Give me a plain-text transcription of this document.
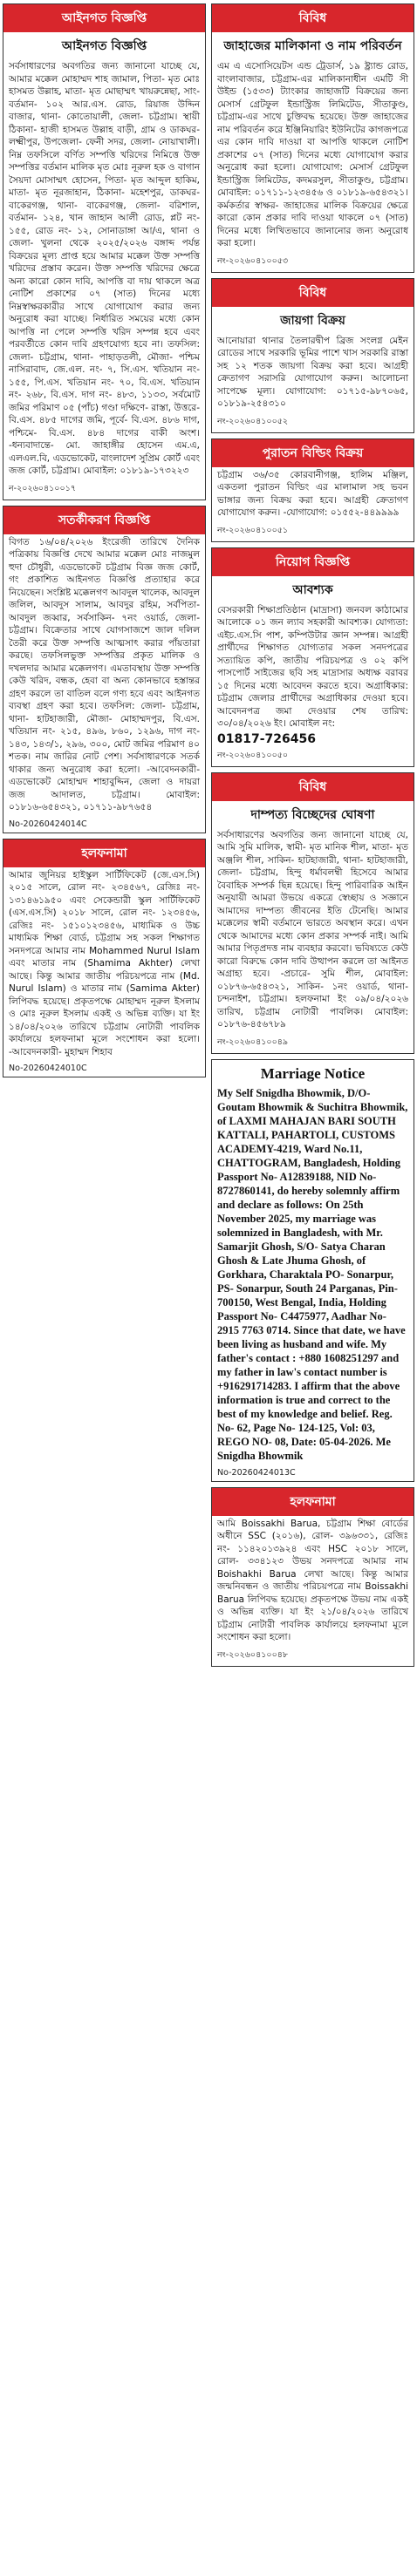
আইনগত বিজ্ঞপ্তি
আইনগত বিজ্ঞপ্তি
সর্বসাধারণের অবগতির জন্য জানানো যাচ্ছে যে, আমার মক্কেল মোহাম্মদ শাহ জামাল, পিতা- মৃত মোঃ হাসমত উল্লাহ, মাতা- মৃত মোছাম্মৎ খায়রুন্নেছা, সাং- বর্তমান- ১০২ আর.এস. রোড, রিয়াজ উদ্দিন বাজার, থানা- কোতোয়ালী, জেলা- চট্টগ্রাম। স্থায়ী ঠিকানা- হাজী হাসমত উল্লাহ বাড়ী, গ্রাম ও ডাকঘর- লক্ষ্মীপুর, উপজেলা- ফেনী সদর, জেলা- নোয়াখালী। নিম্ন তফসিলে বর্ণিত সম্পত্তি খরিদের নিমিত্তে উক্ত সম্পত্তির বর্তমান মালিক মৃত মোঃ নূরুল হক ও বাগান সৈয়দা মোসাম্মৎ হোসেন, পিতা- মৃত আব্দুল হাকিম, মাতা- মৃত নূরজাহান, ঠিকানা- মহেশপুর, ডাকঘর- বাকেরগঞ্জ, থানা- বাকেরগঞ্জ, জেলা- বরিশাল, বর্তমান- ১২৪, খান জাহান আলী রোড, প্লট নং- ১৫৫, রোড নং- ১২, সোনাডাঙ্গা আ/এ, থানা ও জেলা- খুলনা থেকে ২০২৫/২০২৬ বঙ্গাব্দ পর্যন্ত বিক্রয়ের মূল্য প্রাপ্ত হয়ে আমার মক্কেল উক্ত সম্পত্তি খরিদের প্রস্তাব করেন। উক্ত সম্পত্তি খরিদের ক্ষেত্রে অন্য কারো কোন দাবি, আপত্তি বা দায় থাকলে অত্র নোটিশ প্রকাশের ০৭ (সাত) দিনের মধ্যে নিম্নস্বাক্ষরকারীর সাথে যোগাযোগ করার জন্য অনুরোধ করা যাচ্ছে। নির্ধারিত সময়ের মধ্যে কোন আপত্তি না পেলে সম্পত্তি খরিদ সম্পন্ন হবে এবং পরবর্তীতে কোন দাবি গ্রহণযোগ্য হবে না। তফসিল: জেলা- চট্টগ্রাম, থানা- পাহাড়তলী, মৌজা- পশ্চিম নাসিরাবাদ, জে.এল. নং- ৭, সি.এস. খতিয়ান নং- ১৫৫, পি.এস. খতিয়ান নং- ৭০, বি.এস. খতিয়ান নং- ২৬৮, বি.এস. দাগ নং- ৪৮৩, ১১৩৩, সর্বমোট জমির পরিমাণ ০৫ (পাঁচ) গণ্ডা দক্ষিণে- রাস্তা, উত্তরে- বি.এস. ৪৮৫ দাগের জমি, পূর্বে- বি.এস. ৪৮৬ দাগ, পশ্চিমে- বি.এস. ৪৮৪ দাগের বাকী অংশ। -ধন্যবাদান্তে- মো. জাহাঙ্গীর হোসেন এম.এ, এলএল.বি, এডভোকেট, বাংলাদেশ সুপ্রিম কোর্ট এবং জজ কোর্ট, চট্টগ্রাম। মোবাইল: ০১৮১৯-১৭৩২২৩
ন-২০২৬০৪১০০১৭
সতর্কীকরণ বিজ্ঞপ্তি
বিগত ১৬/০৪/২০২৬ ইংরেজী তারিখে দৈনিক পত্রিকায় বিজ্ঞপ্তি দেখে আমার মক্কেল মোঃ নাজমুল হুদা চৌধুরী, এডভোকেট চট্টগ্রাম বিজ্ঞ জজ কোর্ট, গং প্রকাশিত আইনগত বিজ্ঞপ্তি প্রত্যাহার করে নিয়েছেন। সংশ্লিষ্ট মক্কেলগণ আবদুল খালেক, আবদুল জলিল, আবদুস সালাম, আবদুর রহিম, সর্বপিতা- আবদুল জব্বার, সর্বসাকিন- ৭নং ওয়ার্ড, জেলা- চট্টগ্রাম। বিক্রেতার সাথে যোগসাজশে জাল দলিল তৈরী করে উক্ত সম্পত্তি আত্মসাৎ করার পাঁয়তারা করছে। তফসিলভুক্ত সম্পত্তির প্রকৃত মালিক ও দখলদার আমার মক্কেলগণ। এমতাবস্থায় উক্ত সম্পত্তি কেউ খরিদ, বন্ধক, হেবা বা অন্য কোনভাবে হস্তান্তর গ্রহণ করলে তা বাতিল বলে গণ্য হবে এবং আইনগত ব্যবস্থা গ্রহণ করা হবে। তফসিল: জেলা- চট্টগ্রাম, থানা- হাটহাজারী, মৌজা- মোহাম্মদপুর, বি.এস. খতিয়ান নং- ২১৫, ৪৯৬, ৮৬০, ১২৯৬, দাগ নং- ১৪৩, ১৪৩/১, ২৯৬, ৩০০, মোট জমির পরিমাণ ৪০ শতক। নাম জারির নোট পেশ। সর্বসাধারণকে সতর্ক থাকার জন্য অনুরোধ করা হলো। -আবেদনকারী- এডভোকেট মোহাম্মদ শাহাবুদ্দিন, জেলা ও দায়রা জজ আদালত, চট্টগ্রাম। মোবাইল: ০১৮১৬-৬৫৪৩২১, ০১৭১১-৯৮৭৬৫৪
No-20260424014C
হলফনামা
আমার জুনিয়র হাইস্কুল সার্টিফিকেট (জে.এস.সি) ২০১৫ সালে, রোল নং- ২৩৪৫৬৭, রেজিঃ নং- ১৩১৪৬১৯৫০ এবং সেকেন্ডারী স্কুল সার্টিফিকেট (এস.এস.সি) ২০১৮ সালে, রোল নং- ১২৩৪৫৬, রেজিঃ নং- ১৫১০১২৩৪৫৬, মাধ্যমিক ও উচ্চ মাধ্যমিক শিক্ষা বোর্ড, চট্টগ্রাম সহ সকল শিক্ষাগত সনদপত্রে আমার নাম Mohammed Nurul Islam এবং মাতার নাম (Shamima Akhter) লেখা আছে। কিন্তু আমার জাতীয় পরিচয়পত্রে নাম (Md. Nurul Islam) ও মাতার নাম (Samima Akter) লিপিবদ্ধ হয়েছে। প্রকৃতপক্ষে মোহাম্মদ নূরুল ইসলাম ও মোঃ নূরুল ইসলাম একই ও অভিন্ন ব্যক্তি। যা ইং ১৪/০৪/২০২৬ তারিখে চট্টগ্রাম নোটারী পাবলিক কার্যালয়ে হলফনামা মূলে সংশোধন করা হলো। -আবেদনকারী- মুহাম্মদ শিহাব
No-20260424010C
বিবিধ
জাহাজের মালিকানা ও নাম পরিবর্তন
এম এ এসোসিয়েটস এন্ড ট্রেডার্স, ১৯ ষ্ট্র্যান্ড রোড, বাংলাবাজার, চট্টগ্রাম-এর মালিকানাধীন এমটি সী উইন্ড (১৫৩৩) ট্যাংকার জাহাজটি বিক্রয়ের জন্য মেসার্স গ্রেটফুল ইন্ডাস্ট্রিজ লিমিটেড, সীতাকুণ্ড, চট্টগ্রাম-এর সাথে চুক্তিবদ্ধ হয়েছে। উক্ত জাহাজের নাম পরিবর্তন করে ইঞ্জিনিয়ারিং ইউনিটের কাগজপত্রে এর কোন দাবি দাওয়া বা আপত্তি থাকলে নোটিশ প্রকাশের ০৭ (সাত) দিনের মধ্যে যোগাযোগ করার অনুরোধ করা হলো। যোগাযোগ: মেসার্স গ্রেটফুল ইন্ডাস্ট্রিজ লিমিটেড, কদমরসুল, সীতাকুণ্ড, চট্টগ্রাম। মোবাইল: ০১৭১১-১২৩৪৫৬ ও ০১৮১৯-৬৫৪৩২১। কর্মকর্তার স্বাক্ষর- জাহাজের মালিক বিক্রয়ের ক্ষেত্রে কারো কোন প্রকার দাবি দাওয়া থাকলে ০৭ (সাত) দিনের মধ্যে লিখিতভাবে জানানোর জন্য অনুরোধ করা হলো।
নং-২০২৬০৪১০০৫৩
বিবিধ
জায়গা বিক্রয়
আনোয়ারা থানার তৈলারদ্বীপ ব্রিজ সংলগ্ন মেইন রোডের সাথে সরকারি ভূমির পাশে খাস সরকারি রাস্তা সহ ১২ শতক জায়গা বিক্রয় করা হবে। আগ্রহী ক্রেতাগণ সরাসরি যোগাযোগ করুন। আলোচনা সাপেক্ষে মূল্য। যোগাযোগ: ০১৭১৫-৯৮৭০৬৫, ০১৮১৯-২৫৪৩১০
নং-২০২৬০৪১০০৫২
পুরাতন বিল্ডিং বিক্রয়
চট্টগ্রাম ৩৬/৩৫ কোরবানীগঞ্জ, হালিম মঞ্জিল, একতলা পুরাতন বিল্ডিং এর মালামাল সহ ভবন ভাঙ্গার জন্য বিক্রয় করা হবে। আগ্রহী ক্রেতাগণ যোগাযোগ করুন। -যোগাযোগ: ০১৫৫২-৪৪৯৯৯৯
নং-২০২৬০৪১০০৫১
নিয়োগ বিজ্ঞপ্তি
আবশ্যক
বেসরকারী শিক্ষাপ্রতিষ্ঠান (মাদ্রাসা) জনবল কাঠামোর আলোকে ০১ জন ল্যাব সহকারী আবশ্যক। যোগ্যতা: এইচ.এস.সি পাশ, কম্পিউটার জ্ঞান সম্পন্ন। আগ্রহী প্রার্থীদের শিক্ষাগত যোগ্যতার সকল সনদপত্রের সত্যায়িত কপি, জাতীয় পরিচয়পত্র ও ০২ কপি পাসপোর্ট সাইজের ছবি সহ মাদ্রাসার অধ্যক্ষ বরাবর ১৫ দিনের মধ্যে আবেদন করতে হবে। অগ্রাধিকার: চট্টগ্রাম জেলার প্রার্থীদের অগ্রাধিকার দেওয়া হবে। আবেদনপত্র জমা দেওয়ার শেষ তারিখ: ৩০/০৪/২০২৬ ইং। মোবাইল নং:
01817-726456
নং-২০২৬০৪১০০৫০
বিবিধ
দাম্পত্য বিচ্ছেদের ঘোষণা
সর্বসাধারণের অবগতির জন্য জানানো যাচ্ছে যে, আমি সুমি মালিক, স্বামী- মৃত মানিক শীল, মাতা- মৃত অঞ্জলি শীল, সাকিন- হাটহাজারী, থানা- হাটহাজারী, জেলা- চট্টগ্রাম, হিন্দু ধর্মাবলম্বী হিসেবে আমার বৈবাহিক সম্পর্ক ছিন্ন হয়েছে। হিন্দু পারিবারিক আইন অনুযায়ী আমরা উভয়ে একত্রে স্বেচ্ছায় ও সজ্ঞানে আমাদের দাম্পত্য জীবনের ইতি টেনেছি। আমার মক্কেলের স্বামী বর্তমানে ভারতে অবস্থান করে। এখন থেকে আমাদের মধ্যে কোন প্রকার সম্পর্ক নাই। আমি আমার পিতৃপ্রদত্ত নাম ব্যবহার করবো। ভবিষ্যতে কেউ কারো বিরুদ্ধে কোন দাবি উত্থাপন করলে তা আইনত অগ্রাহ্য হবে। -প্রচারে- সুমি শীল, মোবাইল: ০১৮৭৬-৬৫৪৩২১, সাকিন- ১নং ওয়ার্ড, থানা- চন্দনাইশ, চট্টগ্রাম। হলফনামা ইং ০৯/০৪/২০২৬ তারিখ, চট্টগ্রাম নোটারী পাবলিক। মোবাইল: ০১৮৭৬-৪৫৬৭৮৯
নং-২০২৬০৪১০০৪৯
Marriage Notice
My Self Snigdha Bhowmik, D/O- Goutam Bhowmik & Suchitra Bhowmik, of LAXMI MAHAJAN BARI SOUTH KATTALI, PAHARTOLI, CUSTOMS ACADEMY-4219, Ward No.11, CHATTOGRAM, Bangladesh, Holding Passport No- A12839188, NID No- 8727860141, do hereby solemnly affirm and declare as follows: On 25th November 2025, my marriage was solemnized in Bangladesh, with Mr. Samarjit Ghosh, S/O- Satya Charan Ghosh & Late Jhuma Ghosh, of Gorkhara, Charaktala PO- Sonarpur, PS- Sonarpur, South 24 Parganas, Pin- 700150, West Bengal, India, Holding Passport No- C4475977, Aadhar No- 2915 7763 0714. Since that date, we have been living as husband and wife. My father's contact : +880 1608251297 and my father in law's contact number is +916291714283. I affirm that the above information is true and correct to the best of my knowledge and belief. Reg. No- 62, Page No- 124-125, Vol: 03, REGO NO- 08, Date: 05-04-2026. Me Snigdha Bhowmik
No-20260424013C
হলফনামা
আমি Boissakhi Barua, চট্টগ্রাম শিক্ষা বোর্ডের অধীনে SSC (২০১৬), রোল- ৩৯৬৩৩১, রেজিঃ নং- ১১৪২০১৩৯২৪ এবং HSC ২০১৮ সালে, রোল- ৩৩৪১২৩ উভয় সনদপত্রে আমার নাম Boishakhi Barua লেখা আছে। কিন্তু আমার জন্মনিবন্ধন ও জাতীয় পরিচয়পত্রে নাম Boissakhi Barua লিপিবদ্ধ হয়েছে। প্রকৃতপক্ষে উভয় নাম একই ও অভিন্ন ব্যক্তি। যা ইং ২১/০৪/২০২৬ তারিখে চট্টগ্রাম নোটারী পাবলিক কার্যালয়ে হলফনামা মূলে সংশোধন করা হলো।
নং-২০২৬০৪১০০৪৮
